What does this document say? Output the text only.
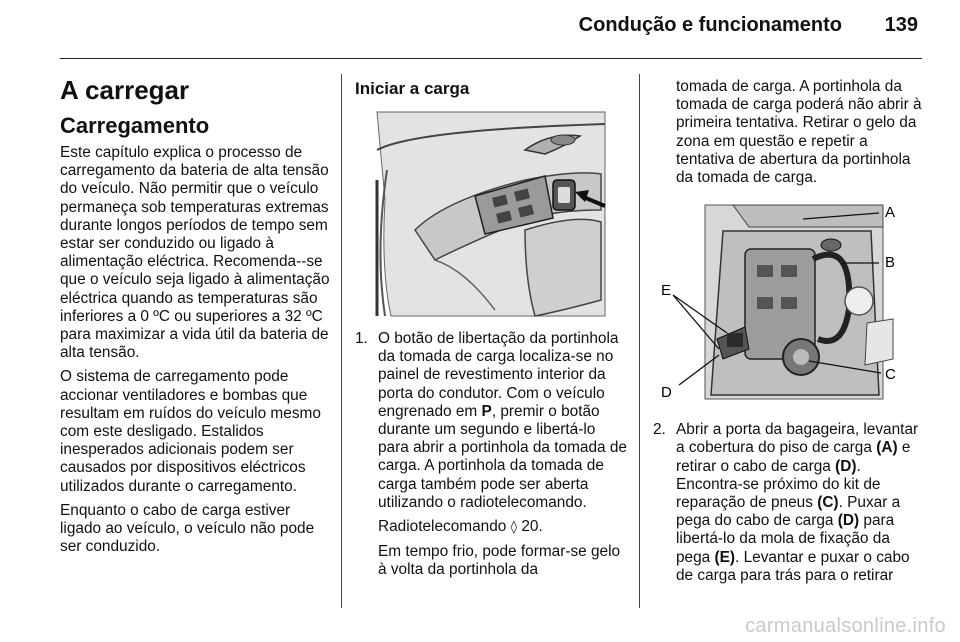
Condução e funcionamento 139
A carregar
Carregamento

Este capítulo explica o processo de carregamento da bateria de alta tensão do veículo. Não permitir que o veículo permaneça sob temperaturas extremas durante longos períodos de tempo sem estar ser conduzido ou ligado à alimentação eléctrica. Recomenda--se que o veículo seja ligado à alimentação eléctrica quando as temperaturas são inferiores a 0 ºC ou superiores a 32 ºC para maximizar a vida útil da bateria de alta tensão.

O sistema de carregamento pode accionar ventiladores e bombas que resultam em ruídos do veículo mesmo com este desligado. Estalidos inesperados adicionais podem ser causados por dispositivos eléctricos utilizados durante o carregamento.

Enquanto o cabo de carga estiver ligado ao veículo, o veículo não pode ser conduzido.

Iniciar a carga
1. O botão de libertação da portinhola da tomada de carga localiza-se no painel de revestimento interior da porta do condutor. Com o veículo engrenado em P, premir o botão durante um segundo e libertá-lo para abrir a portinhola da tomada de carga. A portinhola da tomada de carga também pode ser aberta utilizando o radiotelecomando.

Radiotelecomando ◊ 20.

Em tempo frio, pode formar-se gelo à volta da portinhola da

tomada de carga. A portinhola da tomada de carga poderá não abrir à primeira tentativa. Retirar o gelo da zona em questão e repetir a tentativa de abertura da portinhola da tomada de carga.

A
B
C
D
E
2. Abrir a porta da bagageira, levantar a cobertura do piso de carga (A) e retirar o cabo de carga (D). Encontra-se próximo do kit de reparação de pneus (C). Puxar a pega do cabo de carga (D) para libertá-lo da mola de fixação da pega (E). Levantar e puxar o cabo de carga para trás para o retirar

carmanualsonline.info
